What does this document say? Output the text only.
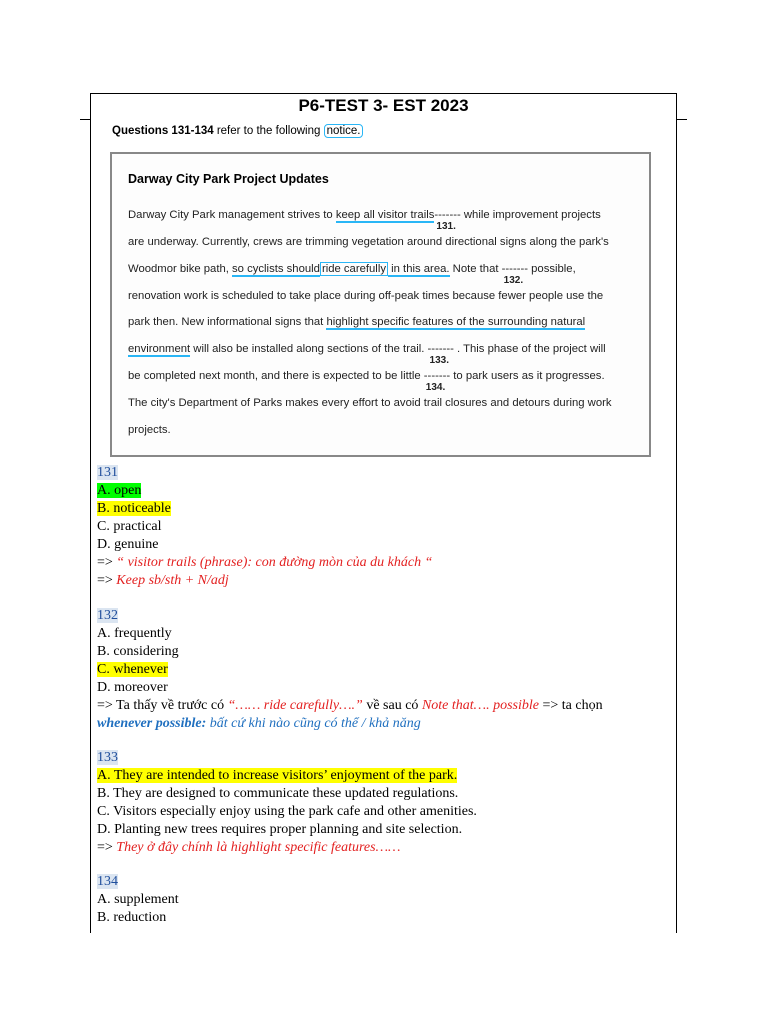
P6-TEST 3- EST 2023
Questions 131-134 refer to the following notice.
Darway City Park Project Updates
Darway City Park management strives to keep all visitor trails-------
131.
while improvement projects
are underway. Currently, crews are trimming vegetation around directional signs along the park's
Woodmor bike path, so cyclists should ride carefully in this area. Note that -------
132.
possible,
renovation work is scheduled to take place during off-peak times because fewer people use the
park then. New informational signs that highlight specific features of the surrounding natural
environment will also be installed along sections of the trail. -------
133.
. This phase of the project will
be completed next month, and there is expected to be little -------
134.
to park users as it progresses.
The city's Department of Parks makes every effort to avoid trail closures and detours during work
projects.
131
A. open
B. noticeable
C. practical
D. genuine
=> “ visitor trails (phrase): con đường mòn của du khách “
=> Keep sb/sth + N/adj
132
A. frequently
B. considering
C. whenever
D. moreover
=> Ta thấy về trước có “…… ride carefully….” về sau có Note that…. possible => ta chọn
whenever possible: bất cứ khi nào cũng có thể / khả năng
133
A. They are intended to increase visitors’ enjoyment of the park.
B. They are designed to communicate these updated regulations.
C. Visitors especially enjoy using the park cafe and other amenities.
D. Planting new trees requires proper planning and site selection.
=> They ở đây chính là highlight specific features……
134
A. supplement
B. reduction
